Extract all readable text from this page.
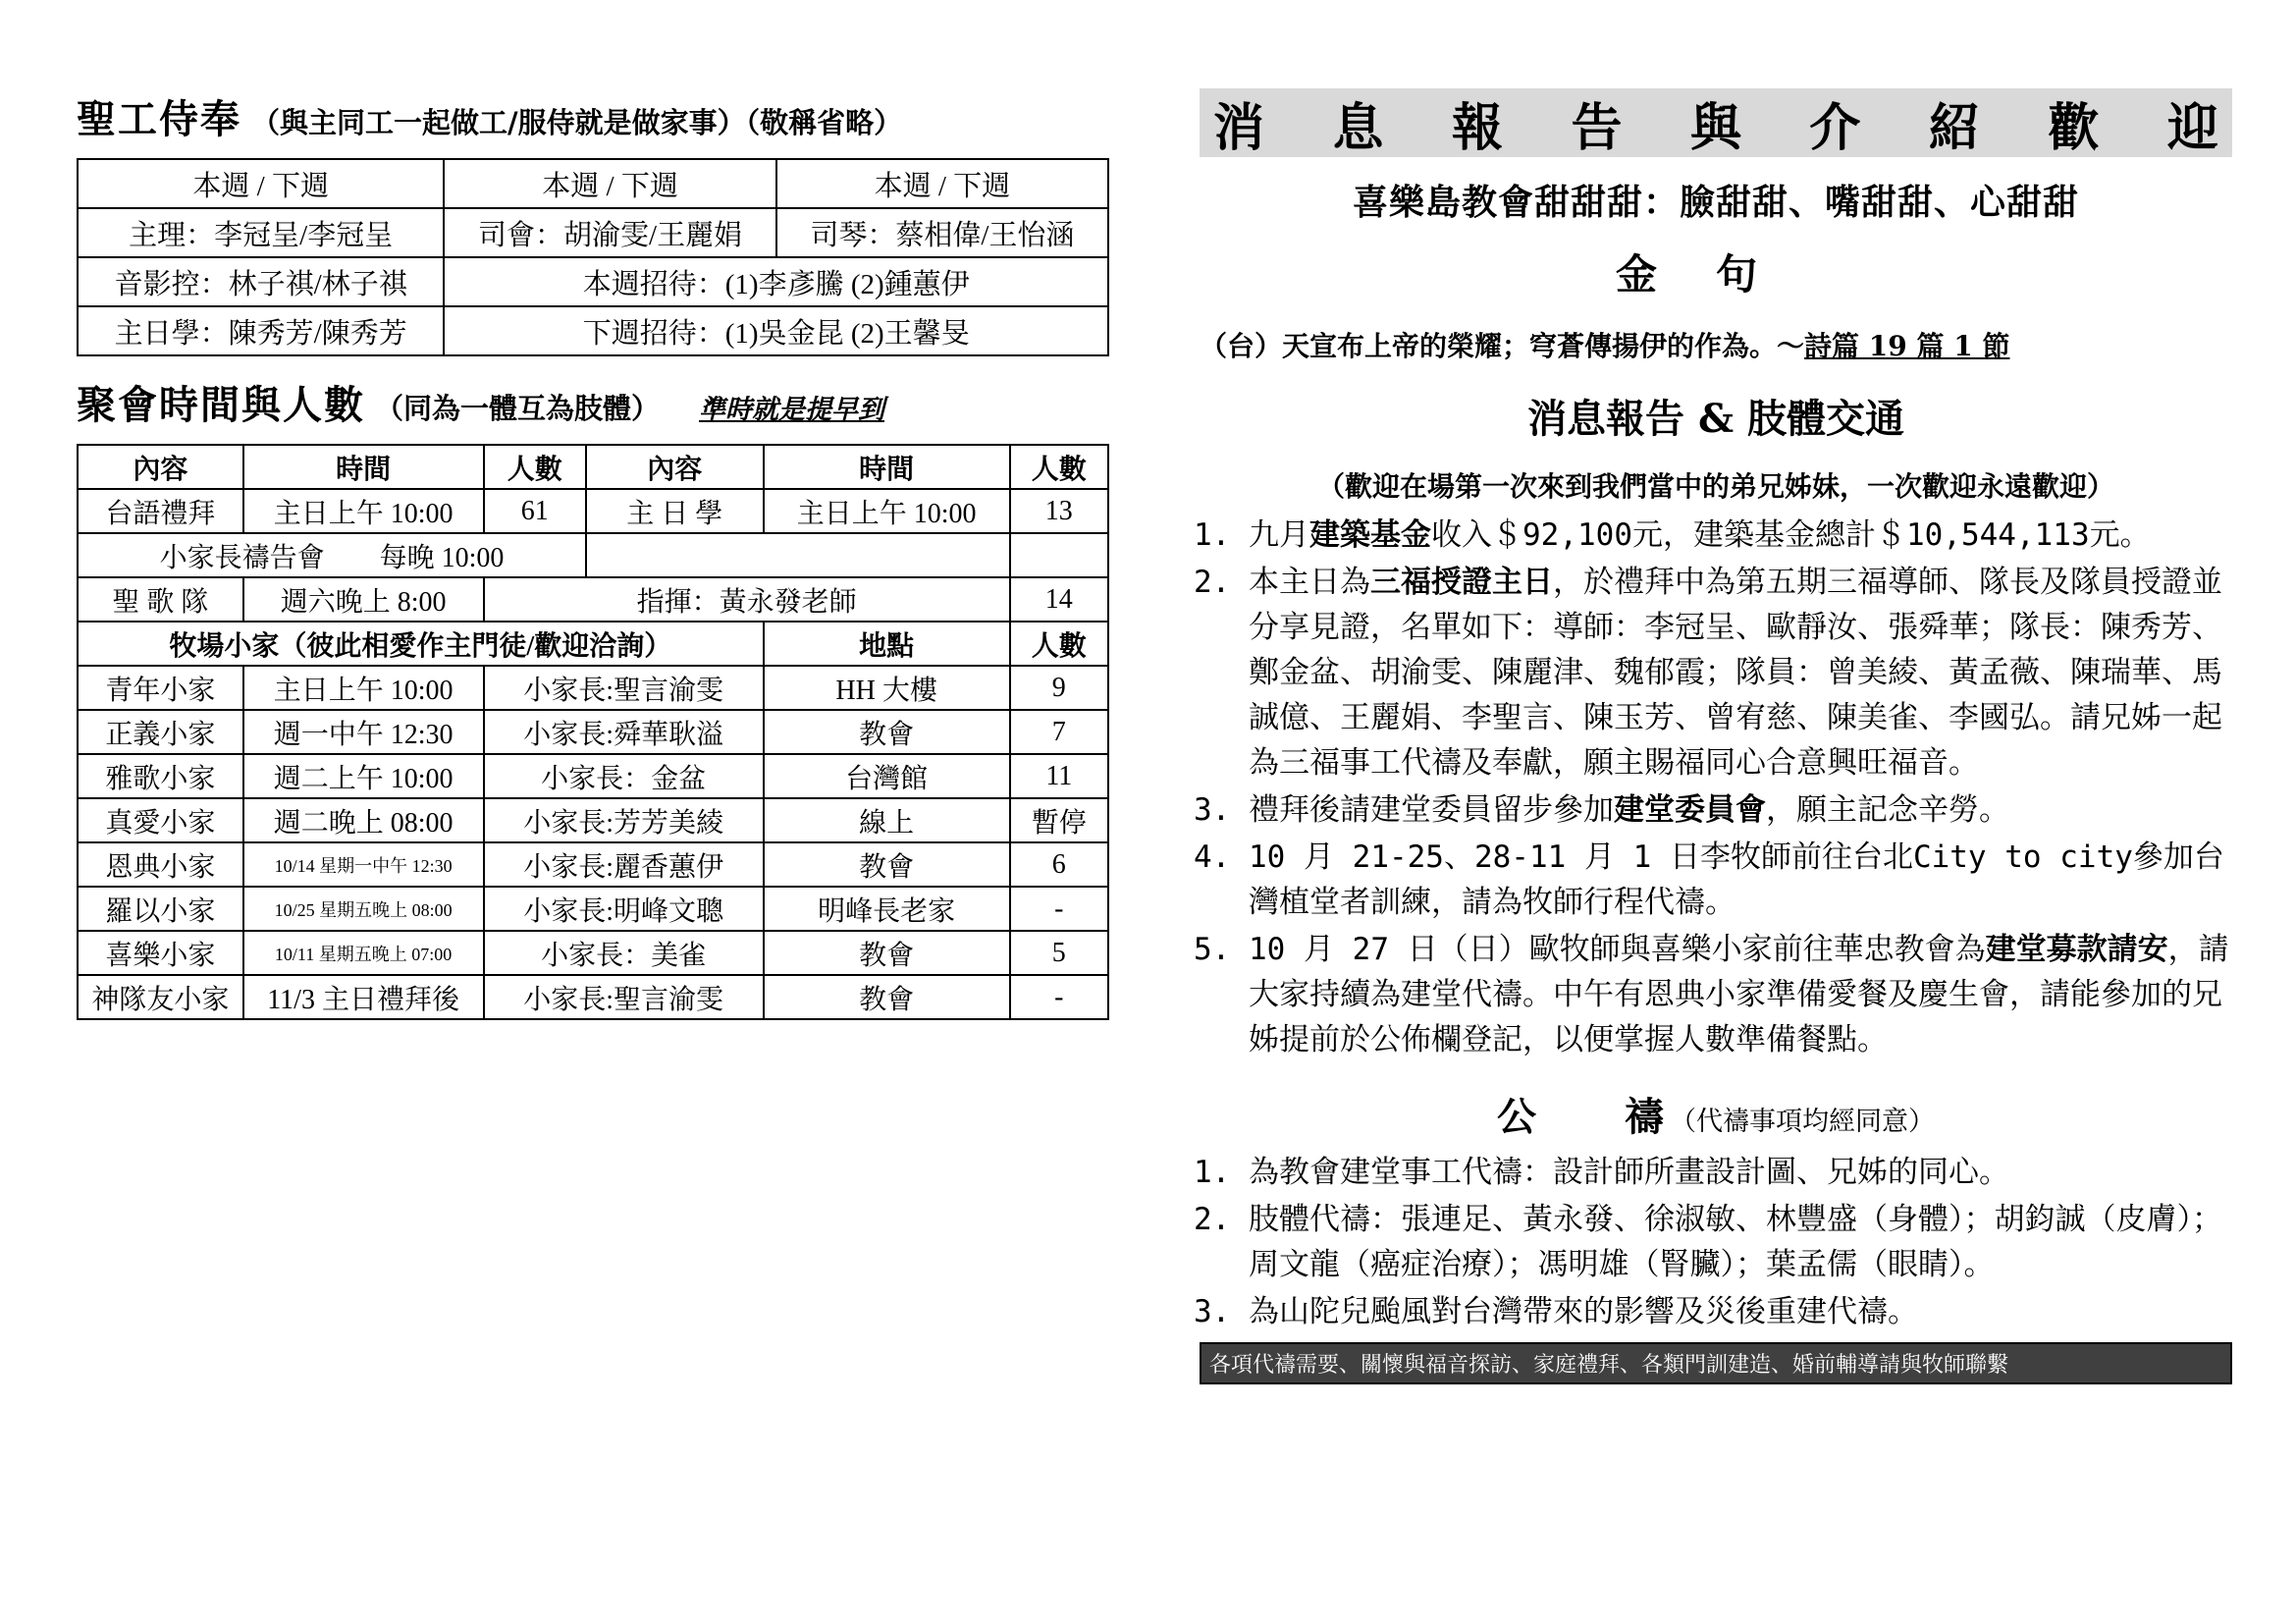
聖工侍奉 （與主同工一起做工/服侍就是做家事）（敬稱省略）
本週 / 下週	本週 / 下週	本週 / 下週
主理：李冠呈/李冠呈	司會：胡渝雯/王麗娟	司琴：蔡相偉/王怡涵
音影控：林子祺/林子祺	本週招待：(1)李彥騰 (2)鍾蕙伊	
主日學：陳秀芳/陳秀芳	下週招待：(1)吳金昆 (2)王馨旻	
聚會時間與人數 （同為一體互為肢體） 準時就是提早到
內容	時間	人數	內容	時間	人數
台語禮拜	主日上午 10:00	61	主 日 學	主日上午 10:00	13
小家長禱告會　　每晚 10:00					
聖 歌 隊	週六晚上 8:00	指揮：黃永發老師			14
牧場小家（彼此相愛作主門徒/歡迎洽詢）				地點	人數
青年小家	主日上午 10:00	小家長:聖言渝雯		HH 大樓	9
正義小家	週一中午 12:30	小家長:舜華耿溢		教會	7
雅歌小家	週二上午 10:00	小家長：金盆		台灣館	11
真愛小家	週二晚上 08:00	小家長:芳芳美綾		線上	暫停
恩典小家	10/14 星期一中午 12:30	小家長:麗香蕙伊		教會	6
羅以小家	10/25 星期五晚上 08:00	小家長:明峰文聰		明峰長老家	-
喜樂小家	10/11 星期五晚上 07:00	小家長：美雀		教會	5
神隊友小家	11/3 主日禮拜後	小家長:聖言渝雯		教會	-
消 息 報 告 與 介 紹 歡 迎
喜樂島教會甜甜甜：臉甜甜、嘴甜甜、心甜甜
金句
（台）天宣布上帝的榮耀；穹蒼傳揚伊的作為。～詩篇 19 篇 1 節
消息報告 & 肢體交通
（歡迎在場第一次來到我們當中的弟兄姊妹，一次歡迎永遠歡迎）
1. 九月建築基金收入＄92,100元，建築基金總計＄10,544,113元。
2. 本主日為三福授證主日，於禮拜中為第五期三福導師、隊長及隊員授證並分享見證，名單如下：導師：李冠呈、歐靜汝、張舜華；隊長：陳秀芳、鄭金盆、胡渝雯、陳麗津、魏郁霞；隊員：曾美綾、黃孟薇、陳瑞華、馬誠億、王麗娟、李聖言、陳玉芳、曾宥慈、陳美雀、李國弘。請兄姊一起為三福事工代禱及奉獻，願主賜福同心合意興旺福音。
3. 禮拜後請建堂委員留步參加建堂委員會，願主記念辛勞。
4. 10 月 21-25、28-11 月 1 日李牧師前往台北City to city參加台灣植堂者訓練，請為牧師行程代禱。
5. 10 月 27 日（日）歐牧師與喜樂小家前往華忠教會為建堂募款請安，請大家持續為建堂代禱。中午有恩典小家準備愛餐及慶生會，請能參加的兄姊提前於公佈欄登記，以便掌握人數準備餐點。
公 禱 （代禱事項均經同意）
1. 為教會建堂事工代禱：設計師所畫設計圖、兄姊的同心。
2. 肢體代禱：張連足、黃永發、徐淑敏、林豐盛（身體）；胡鈞誠（皮膚）；周文龍（癌症治療）；馮明雄（腎臟）；葉孟儒（眼睛）。
3. 為山陀兒颱風對台灣帶來的影響及災後重建代禱。
各項代禱需要、關懷與福音探訪、家庭禮拜、各類門訓建造、婚前輔導請與牧師聯繫
